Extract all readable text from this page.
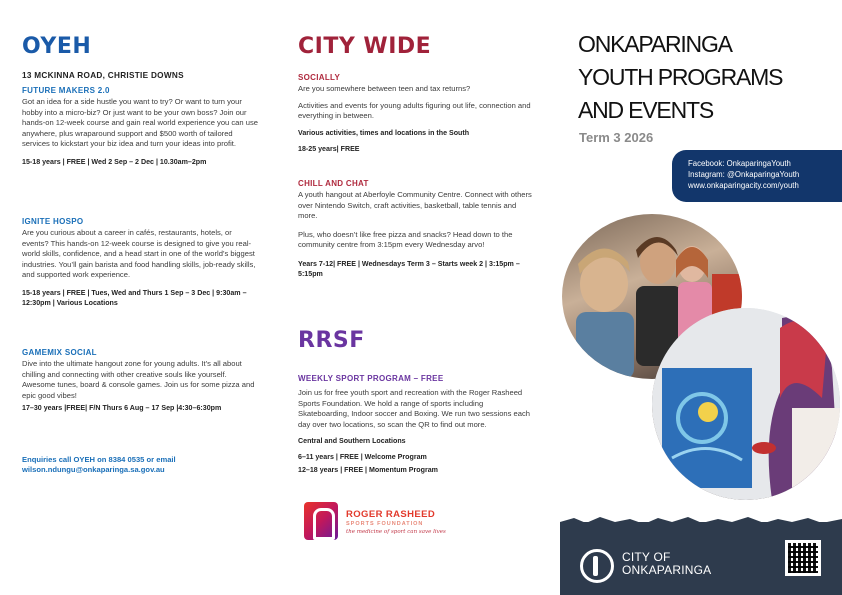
OYEH
13 MCKINNA ROAD, CHRISTIE DOWNS
FUTURE MAKERS 2.0
Got an idea for a side hustle you want to try? Or want to turn your hobby into a micro-biz? Or just want to be your own boss? Join our hands-on 12-week course and gain real world experience you can use anywhere, plus wraparound support and $500 worth of tailored services to kickstart your biz idea and turn your ideas into profit.
15-18 years | FREE | Wed 2 Sep – 2 Dec | 10.30am–2pm
IGNITE HOSPO
Are you curious about a career in cafés, restaurants, hotels, or events? This hands-on 12-week course is designed to give you real-world skills, confidence, and a head start in one of the world’s biggest industries. You’ll gain barista and food handling skills, job-ready skills, and supported work experience.
15-18 years | FREE | Tues, Wed and Thurs 1 Sep – 3 Dec | 9:30am – 12:30pm | Various Locations
GAMEMIX SOCIAL
Dive into the ultimate hangout zone for young adults. It’s all about chilling and connecting with other creative souls like yourself. Awesome tunes, board & console games. Join us for some pizza and epic good vibes!
17–30 years |FREE| F/N Thurs 6 Aug – 17 Sep |4:30–6:30pm
Enquiries call OYEH on 8384 0535 or email wilson.ndungu@onkaparinga.sa.gov.au
CITY WIDE
SOCIALLY
Are you somewhere between teen and tax returns?
Activities and events for young adults figuring out life, connection and everything in between.
Various activities, times and locations in the South
18-25 years| FREE
CHILL AND CHAT
A youth hangout at Aberfoyle Community Centre. Connect with others over Nintendo Switch, craft activities, basketball, table tennis and more.
Plus, who doesn’t like free pizza and snacks? Head down to the community centre from 3:15pm every Wednesday arvo!
Years 7-12| FREE | Wednesdays Term 3 – Starts week 2 | 3:15pm – 5:15pm
RRSF
WEEKLY SPORT PROGRAM – FREE
Join us for free youth sport and recreation with the Roger Rasheed Sports Foundation. We hold a range of sports including Skateboarding, Indoor soccer and Boxing. We run two sessions each day over two locations, so scan the QR to find out more.
Central and Southern Locations
6–11 years | FREE | Welcome Program
12–18 years | FREE | Momentum Program
ROGER RASHEED
SPORTS FOUNDATION
the medicine of sport can save lives
ONKAPARINGA
YOUTH PROGRAMS
AND EVENTS
Term 3 2026
Facebook: OnkaparingaYouth
Instagram: @OnkaparingaYouth
www.onkaparingacity.com/youth
CITY OF
ONKAPARINGA
